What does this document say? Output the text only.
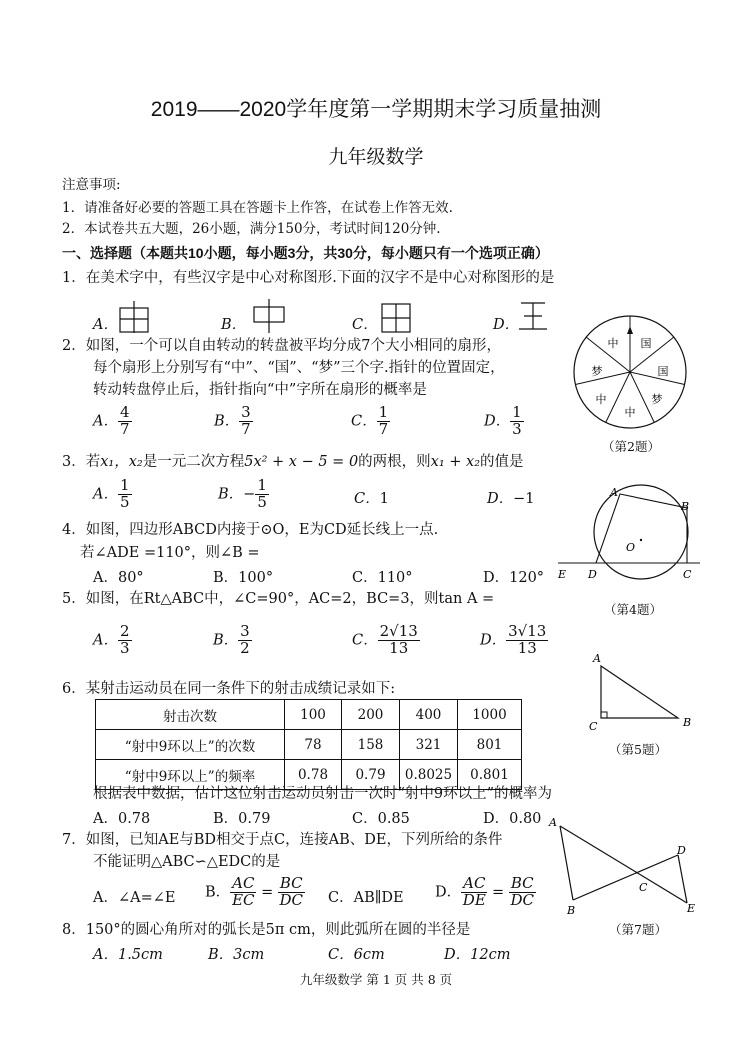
2019——2020学年度第一学期期末学习质量抽测
九年级数学
注意事项:
1．请准备好必要的答题工具在答题卡上作答，在试卷上作答无效.
2．本试卷共五大题，26小题，满分150分，考试时间120分钟.
一、选择题（本题共10小题，每小题3分，共30分，每小题只有一个选项正确）
1．在美术字中，有些汉字是中心对称图形.下面的汉字不是中心对称图形的是
A．	B．	C．	D．
2．如图，一个可以自由转动的转盘被平均分成7个大小相同的扇形，
每个扇形上分别写有“中”、“国”、“梦”三个字.指针的位置固定，
转动转盘停止后，指针指向“中”字所在扇形的概率是
A． $\frac{4}{7}$	B． $\frac{3}{7}$	C． $\frac{1}{7}$	D． $\frac{1}{3}$
国
国
梦
中
中
梦
中
（第2题）
3．若x₁，x₂是一元二次方程5x² + x − 5 = 0的两根，则x₁ + x₂的值是
A． $\frac{1}{5}$	B．− $\frac{1}{5}$	C．1	D．−1
4．如图，四边形ABCD内接于⊙O，E为CD延长线上一点.
若∠ADE =110°，则∠B =
A．80°	B．100°	C．110°	D．120°
A
B
O
E D	C
（第4题）
5．如图，在Rt△ABC中，∠C=90°，AC=2，BC=3，则tan A =
A． $\frac{2}{3}$	B． $\frac{3}{2}$	C． $\frac{2√13}{13}$	D． $\frac{3√13}{13}$
A
C	B
（第5题）
6．某射击运动员在同一条件下的射击成绩记录如下:
射击次数	100	200	400	1000
“射中9环以上”的次数	78	158	321	801
“射中9环以上”的频率	0.78	0.79	0.8025	0.801
根据表中数据，估计这位射击运动员射击一次时“射中9环以上”的概率为
A．0.78	B．0.79	C．0.85	D．0.80
7．如图，已知AE与BD相交于点C，连接AB、DE，下列所给的条件
不能证明△ABC∽△EDC的是
A．∠A=∠E B． $\frac{AC}{EC} = \frac{BC}{DC}$ C．AB∥DE D． $\frac{AC}{DE} = \frac{BC}{DC}$
A
B
C
D
E
（第7题）
8．150°的圆心角所对的弧长是5π cm，则此弧所在圆的半径是
A．1.5cm	B．3cm	C．6cm	D．12cm
九年级数学 第 1 页 共 8 页
